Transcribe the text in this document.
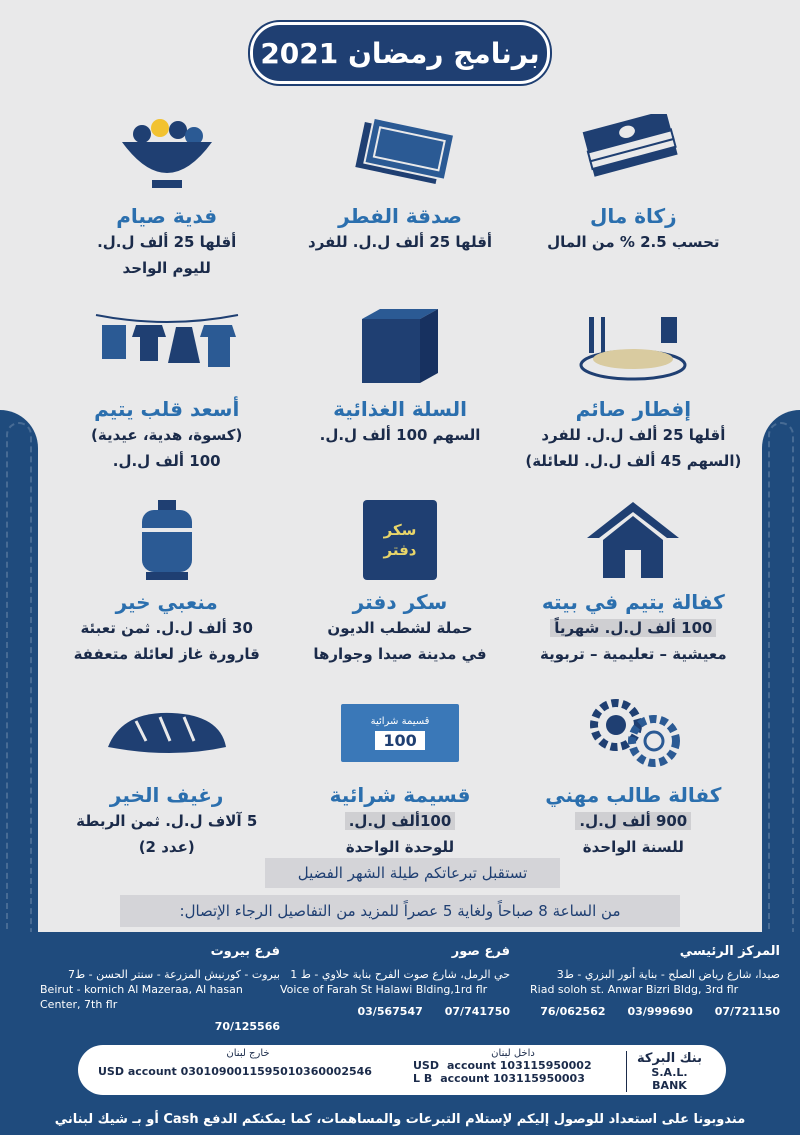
برنامج رمضان 2021
زكاة مال
تحسب 2.5 % من المال
صدقة الفطر
أقلها 25 ألف ل.ل. للفرد
فدية صيام
أقلها 25 ألف ل.ل.
لليوم الواحد
إفطار صائم
أقلها 25 ألف ل.ل. للفرد
(السهم 45 ألف ل.ل. للعائلة)
السلة الغذائية
السهم 100 ألف ل.ل.
أسعد قلب يتيم
(كسوة، هدية، عيدية)
100 ألف ل.ل.
كفالة يتيم في بيته
100 ألف ل.ل. شهرياً
معيشية – تعليمية – تربوية
سكر دفتر
سكر دفتر
حملة لشطب الديون
في مدينة صيدا وجوارها
منعبي خير
30 ألف ل.ل. ثمن تعبئة
قارورة غاز لعائلة متعففة
كفالة طالب مهني
900 ألف ل.ل.
للسنة الواحدة
قسيمة شرائية
100
قسيمة شرائية
100ألف ل.ل.
للوحدة الواحدة
رغيف الخير
5 آلاف ل.ل. ثمن الربطة
(عدد 2)
تستقبل تبرعاتكم طيلة الشهر الفضيل
من الساعة 8 صباحاً ولغاية 5 عصراً للمزيد من التفاصيل الرجاء الإتصال:
المركز الرئيسي
صيدا، شارع رياض الصلح - بناية أنور البزري - ط3
Riad soloh st. Anwar Bizri Bldg, 3rd flr
76/062562 03/999690 07/721150
فرع صور
حي الرمل، شارع صوت الفرح بناية حلاوي - ط 1
Voice of Farah St Halawi Blding,1rd flr
03/567547 07/741750
فرع بيروت
بيروت - كورنيش المزرعة - سنتر الحسن - ط7
Beirut - kornich Al Mazeraa, Al hasan Center, 7th flr
70/125566
بنك البركة
S.A.L. BANK
داخل لبنان
USD account 103115950002
L B account 103115950003
خارج لبنان
USD account 0301090011595010360002546
مندوبونا على استعداد للوصول إليكم لإستلام التبرعات والمساهمات، كما يمكنكم الدفع Cash أو بـ شيك لبناني
